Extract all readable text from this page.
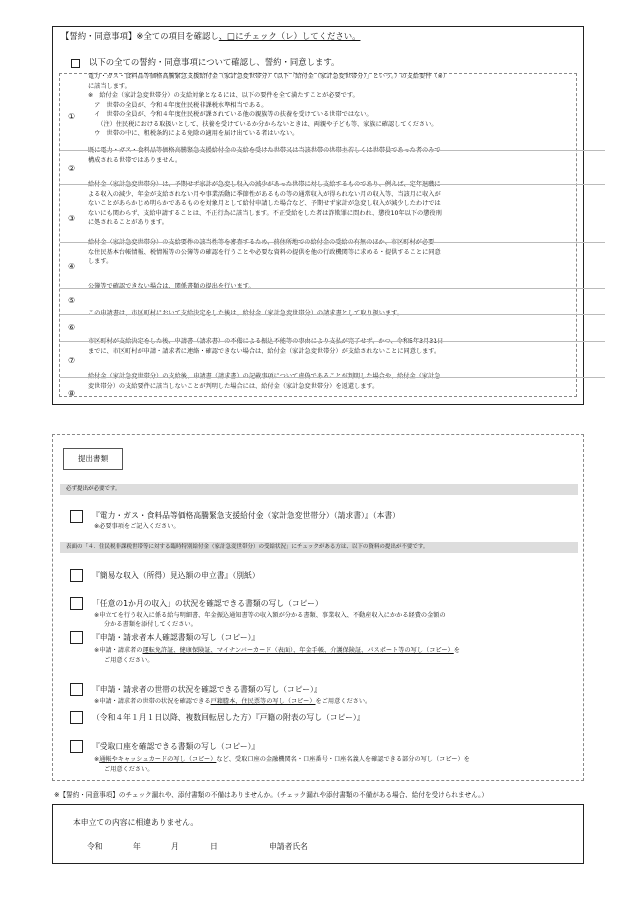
【誓約・同意事項】※全ての項目を確認し、□にチェック（レ）してください。
以下の全ての誓約・同意事項について確認し、誓約・同意します。
①
電力・ガス・食料品等価格高騰緊急支援給付金（家計急変世帯分）（以下「給付金（家計急変世帯分）」という。）の支給要件（※）
に該当します。
※　給付金（家計急変世帯分）の支給対象となるには、以下の要件を全て満たすことが必要です。
　ア　世帯の全員が、令和４年度住民税非課税水準相当である。
　イ　世帯の全員が、令和４年度住民税が課されている他の親族等の扶養を受けている世帯ではない。
　　（注）住民税における取扱いとして、扶養を受けているか分からないときは、両親や子ども等、家族に確認してください。
　ウ　世帯の中に、租税条約による免除の適用を届け出ている者はいない。
②
既に電力・ガス・食料品等価格高騰緊急支援給付金の支給を受けた世帯又は当該世帯の世帯主若しくは世帯員であった者のみで
構成される世帯ではありません。
③
給付金（家計急変世帯分）は、予期せず家計が急変し収入の減少があった世帯に対し支給するものであり、例えば、定年退職に
よる収入の減少、年金が支給されない月や事業活動に季節性があるもの等の通常収入が得られない月の収入等、当該月に収入が
ないことがあらかじめ明らかであるものを対象月として給付申請した場合など、予期せず家計が急変し収入が減少したわけでは
ないにも関わらず、支給申請することは、不正行為に該当します。不正受給をした者は詐欺罪に問われ、懲役10年以下の懲役刑
に処されることがあります。
④
給付金（家計急変世帯分）の支給要件の該当性等を審査するため、前住所地での給付金の受給の有無のほか、市区町村が必要
な住民基本台帳情報、税情報等の公簿等の確認を行うことや必要な資料の提供を他の行政機関等に求める・提供することに同意
します。
⑤
公簿等で確認できない場合は、関係書類の提出を行います。
⑥
この申請書は、市区町村において支給決定をした後は、給付金（家計急変世帯分）の請求書として取り扱います。
⑦
市区町村が支給決定をした後、申請書（請求書）の不備による振込不能等の事由により支払が完了せず、かつ、令和5年3月31日
までに、市区町村が申請・請求者に連絡・確認できない場合は、給付金（家計急変世帯分）が支給されないことに同意します。
⑧
給付金（家計急変世帯分）の支給後、申請書（請求書）の記載事項について虚偽であることが判明した場合や、給付金（家計急
変世帯分）の支給要件に該当しないことが判明した場合には、給付金（家計急変世帯分）を返還します。
提出書類
必ず提出が必要です。
『電力・ガス・食料品等価格高騰緊急支援給付金（家計急変世帯分）（請求書）』（本書）
※必要事項をご記入ください。
表面の「４．住民税非課税世帯等に対する臨時特別給付金（家計急変世帯分）の受給状況」にチェックがある方は、以下の資料の提出が不要です。
『簡易な収入（所得）見込額の申立書』（別紙）
「任意の1か月の収入」の状況を確認できる書類の写し（コピー）
※申立てを行う収入に係る給与明細書、年金振込通知書等の収入額が分かる書類、事業収入、不動産収入にかかる経費の金額の
分かる書類を添付してください。
『申請・請求者本人確認書類の写し（コピー）』
※申請・請求者の運転免許証、健康保険証、マイナンバーカード（表面）、年金手帳、介護保険証、パスポート等の写し（コピー）を
ご用意ください。
『申請・請求者の世帯の状況を確認できる書類の写し（コピー）』
※申請・請求者の世帯の状況を確認できる戸籍謄本、住民票等の写し（コピー）をご用意ください。
（令和４年１月１日以降、複数回転居した方）『戸籍の附表の写し（コピー）』
『受取口座を確認できる書類の写し（コピー）』
※通帳やキャッシュカードの写し（コピー）など、受取口座の金融機関名・口座番号・口座名義人を確認できる部分の写し（コピー）を
ご用意ください。
※【誓約・同意事項】のチェック漏れや、添付書類の不備はありませんか。（チェック漏れや添付書類の不備がある場合、給付を受けられません。）
本申立ての内容に相違ありません。
令和	年	月	日	申請者氏名
